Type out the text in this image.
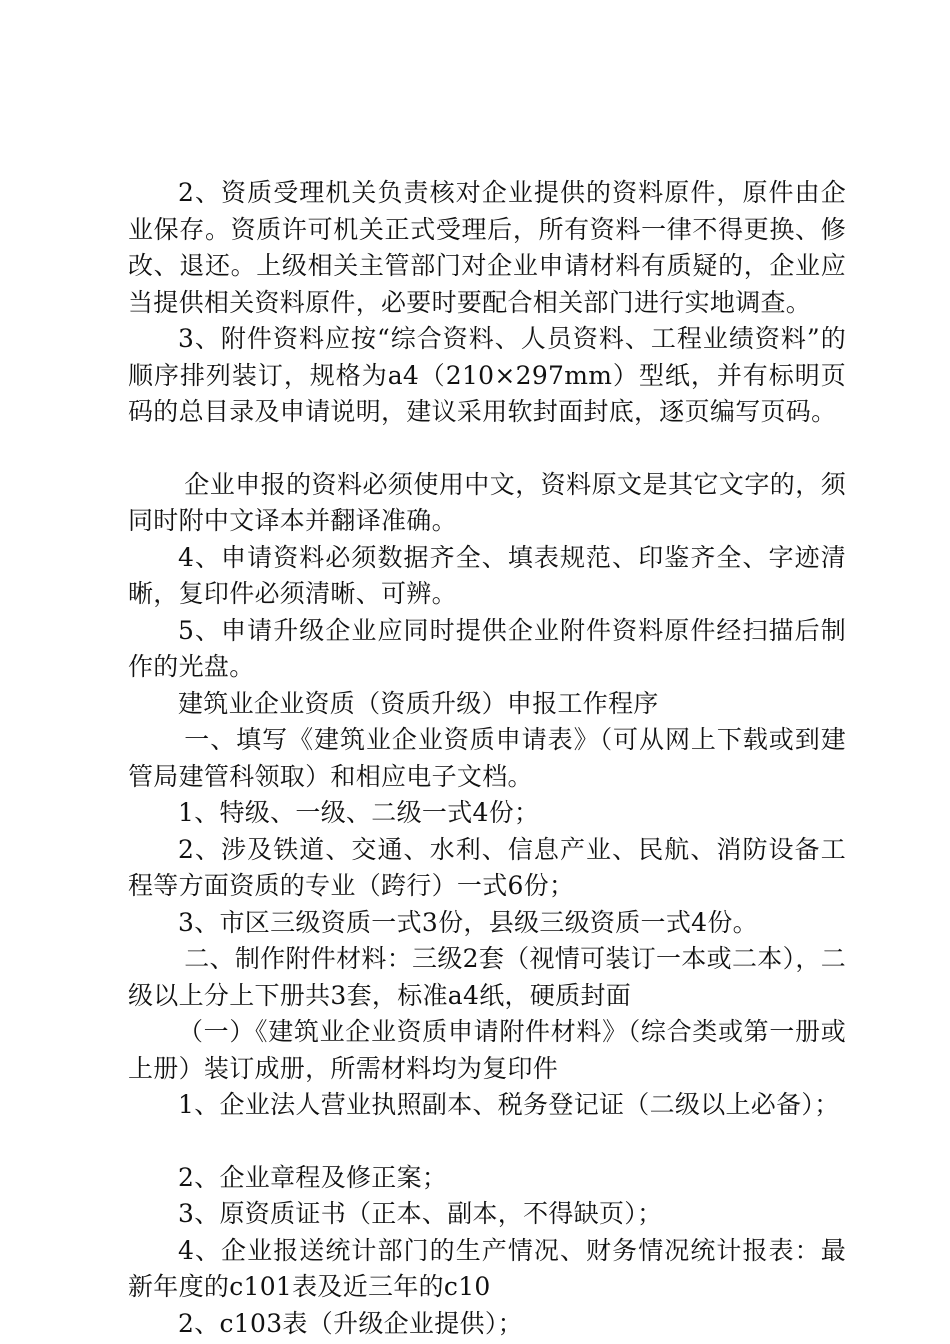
2、资质受理机关负责核对企业提供的资料原件，原件由企业保存。资质许可机关正式受理后，所有资料一律不得更换、修改、退还。上级相关主管部门对企业申请材料有质疑的，企业应当提供相关资料原件，必要时要配合相关部门进行实地调查。

3、附件资料应按“综合资料、人员资料、工程业绩资料”的顺序排列装订，规格为a4（210×297mm）型纸，并有标明页码的总目录及申请说明，建议采用软封面封底，逐页编写页码。

企业申报的资料必须使用中文，资料原文是其它文字的，须同时附中文译本并翻译准确。

4、申请资料必须数据齐全、填表规范、印鉴齐全、字迹清晰，复印件必须清晰、可辨。

5、申请升级企业应同时提供企业附件资料原件经扫描后制作的光盘。

建筑业企业资质（资质升级）申报工作程序

一、填写《建筑业企业资质申请表》（可从网上下载或到建管局建管科领取）和相应电子文档。

1、特级、一级、二级一式4份；

2、涉及铁道、交通、水利、信息产业、民航、消防设备工程等方面资质的专业（跨行）一式6份；

3、市区三级资质一式3份，县级三级资质一式4份。

二、制作附件材料：三级2套（视情可装订一本或二本），二级以上分上下册共3套，标准a4纸，硬质封面

（一）《建筑业企业资质申请附件材料》（综合类或第一册或上册）装订成册，所需材料均为复印件

1、企业法人营业执照副本、税务登记证（二级以上必备）；

2、企业章程及修正案；

3、原资质证书（正本、副本，不得缺页）；

4、企业报送统计部门的生产情况、财务情况统计报表：最新年度的c101表及近三年的c10

2、c103表（升级企业提供）；
